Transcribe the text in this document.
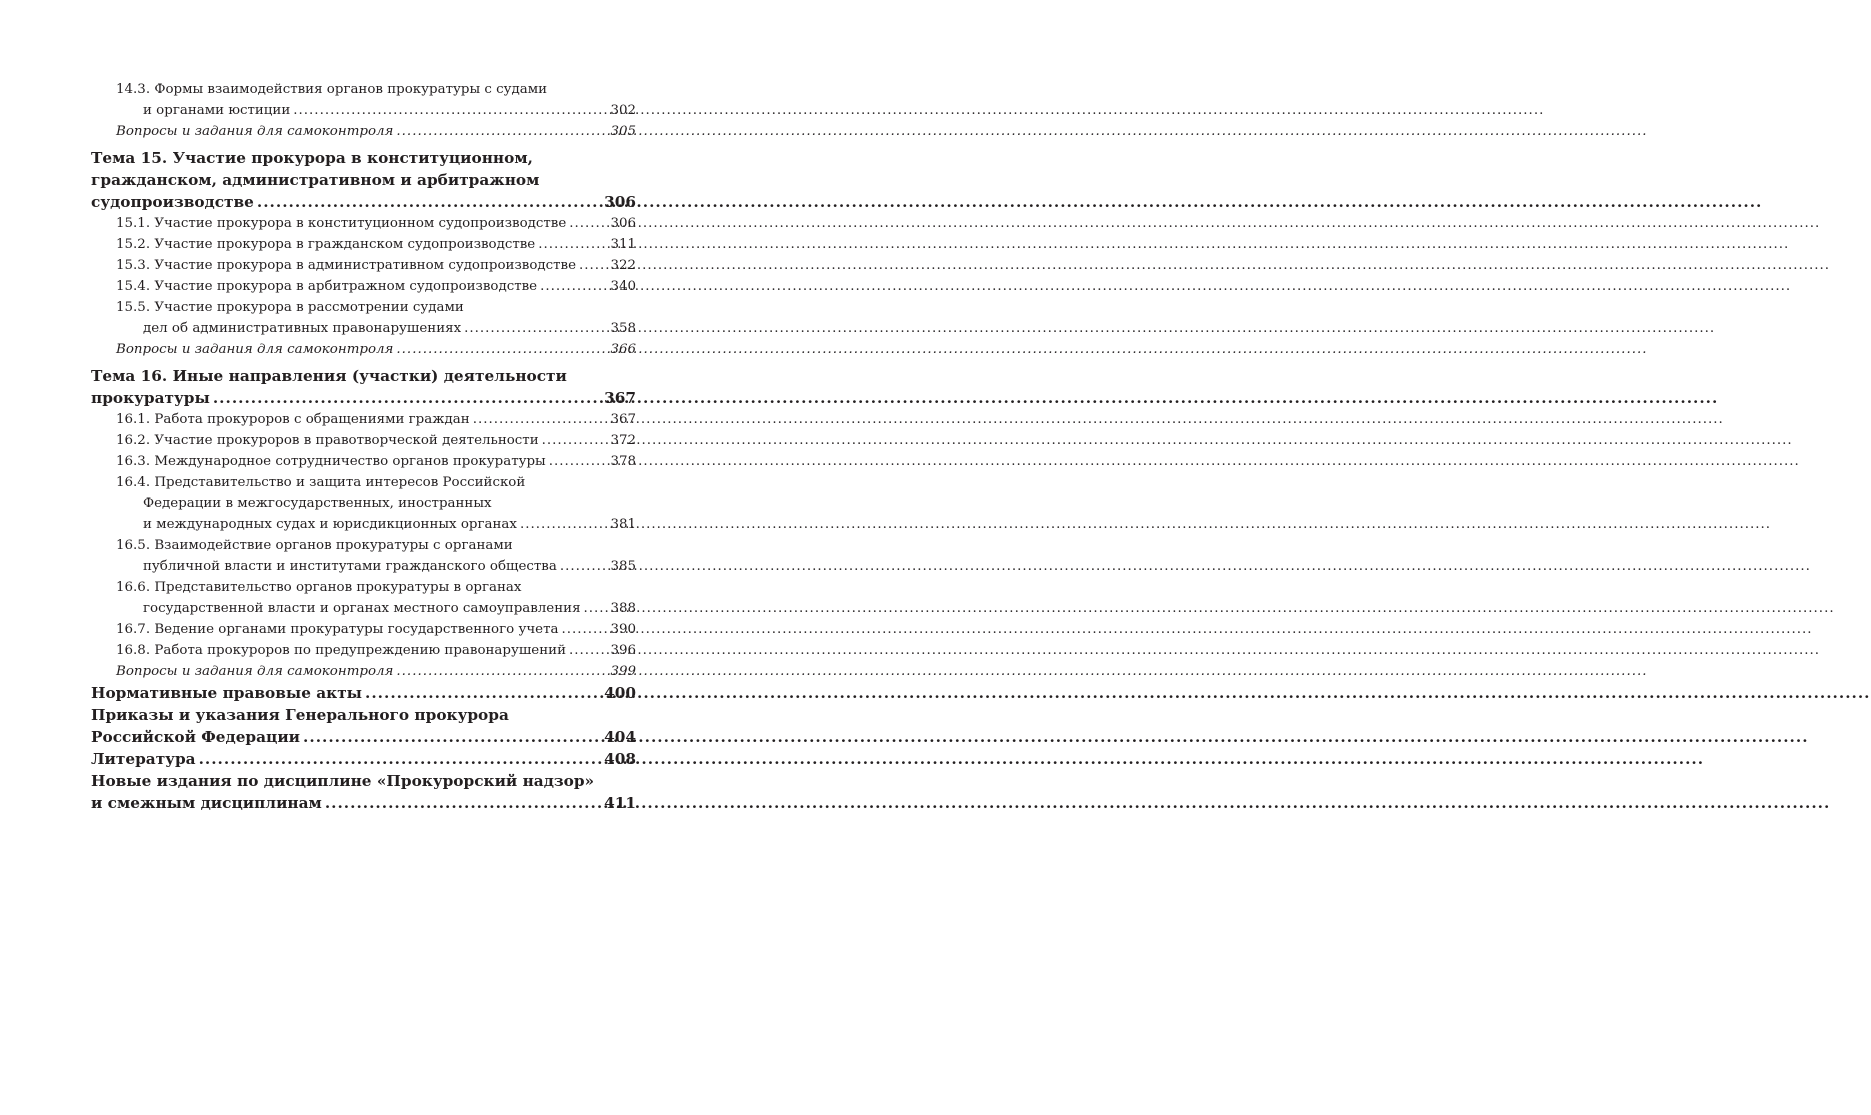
14.3. Формы взаимодействия органов прокуратуры с судами
и органами юстиции .....	302
Вопросы и задания для самоконтроля .....	305
Тема 15. Участие прокурора в конституционном,
гражданском, административном и арбитражном
судопроизводстве .....	306
15.1. Участие прокурора в конституционном судопроизводстве .....	306
15.2. Участие прокурора в гражданском судопроизводстве .....	311
15.3. Участие прокурора в административном судопроизводстве .....	322
15.4. Участие прокурора в арбитражном судопроизводстве .....	340
15.5. Участие прокурора в рассмотрении судами
дел об административных правонарушениях .....	358
Вопросы и задания для самоконтроля .....	366
Тема 16. Иные направления (участки) деятельности
прокуратуры .....	367
16.1. Работа прокуроров с обращениями граждан .....	367
16.2. Участие прокуроров в правотворческой деятельности .....	372
16.3. Международное сотрудничество органов прокуратуры .....	378
16.4. Представительство и защита интересов Российской
Федерации в межгосударственных, иностранных
и международных судах и юрисдикционных органах .....	381
16.5. Взаимодействие органов прокуратуры с органами
публичной власти и институтами гражданского общества .....	385
16.6. Представительство органов прокуратуры в органах
государственной власти и органах местного самоуправления ..... 388
16.7. Ведение органами прокуратуры государственного учета .....	390
16.8. Работа прокуроров по предупреждению правонарушений .....	396
Вопросы и задания для самоконтроля .....	399
Нормативные правовые акты .....	400
Приказы и указания Генерального прокурора
Российской Федерации .....	404
Литература .....	408
Новые издания по дисциплине «Прокурорский надзор»
и смежным дисциплинам .....	411
